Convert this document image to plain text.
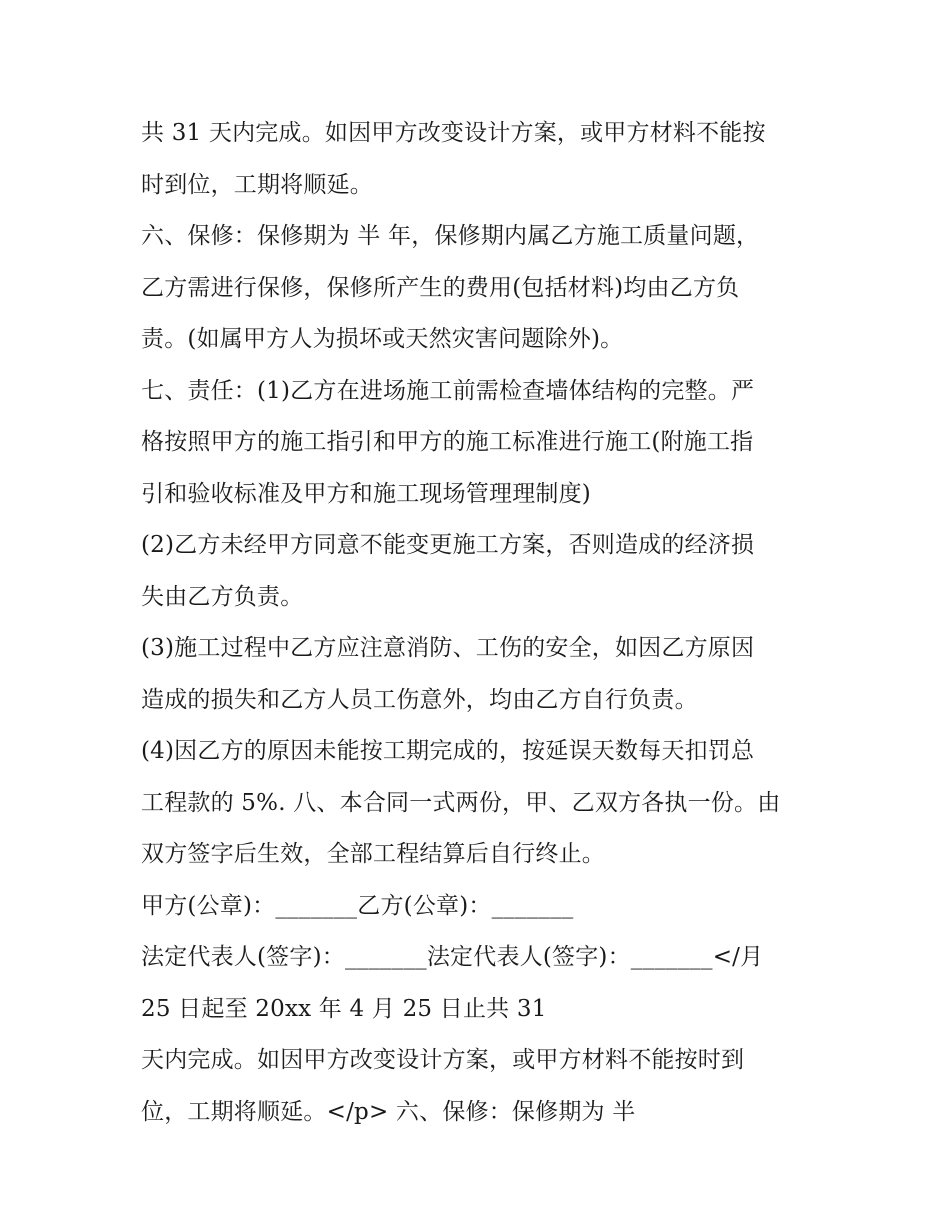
共 31 天内完成。如因甲方改变设计方案，或甲方材料不能按
时到位，工期将顺延。
六、保修：保修期为 半 年，保修期内属乙方施工质量问题，
乙方需进行保修，保修所产生的费用(包括材料)均由乙方负
责。(如属甲方人为损坏或天然灾害问题除外)。
七、责任：(1)乙方在进场施工前需检查墙体结构的完整。严
格按照甲方的施工指引和甲方的施工标准进行施工(附施工指
引和验收标准及甲方和施工现场管理理制度)
(2)乙方未经甲方同意不能变更施工方案，否则造成的经济损
失由乙方负责。
(3)施工过程中乙方应注意消防、工伤的安全，如因乙方原因
造成的损失和乙方人员工伤意外，均由乙方自行负责。
(4)因乙方的原因未能按工期完成的，按延误天数每天扣罚总
工程款的 5%. 八、本合同一式两份，甲、乙双方各执一份。由
双方签字后生效，全部工程结算后自行终止。
甲方(公章)：_______乙方(公章)：_______
法定代表人(签字)：_______法定代表人(签字)：_______</月
25 日起至 20xx 年 4 月 25 日止共 31
天内完成。如因甲方改变设计方案，或甲方材料不能按时到
位，工期将顺延。</p> 六、保修：保修期为 半
